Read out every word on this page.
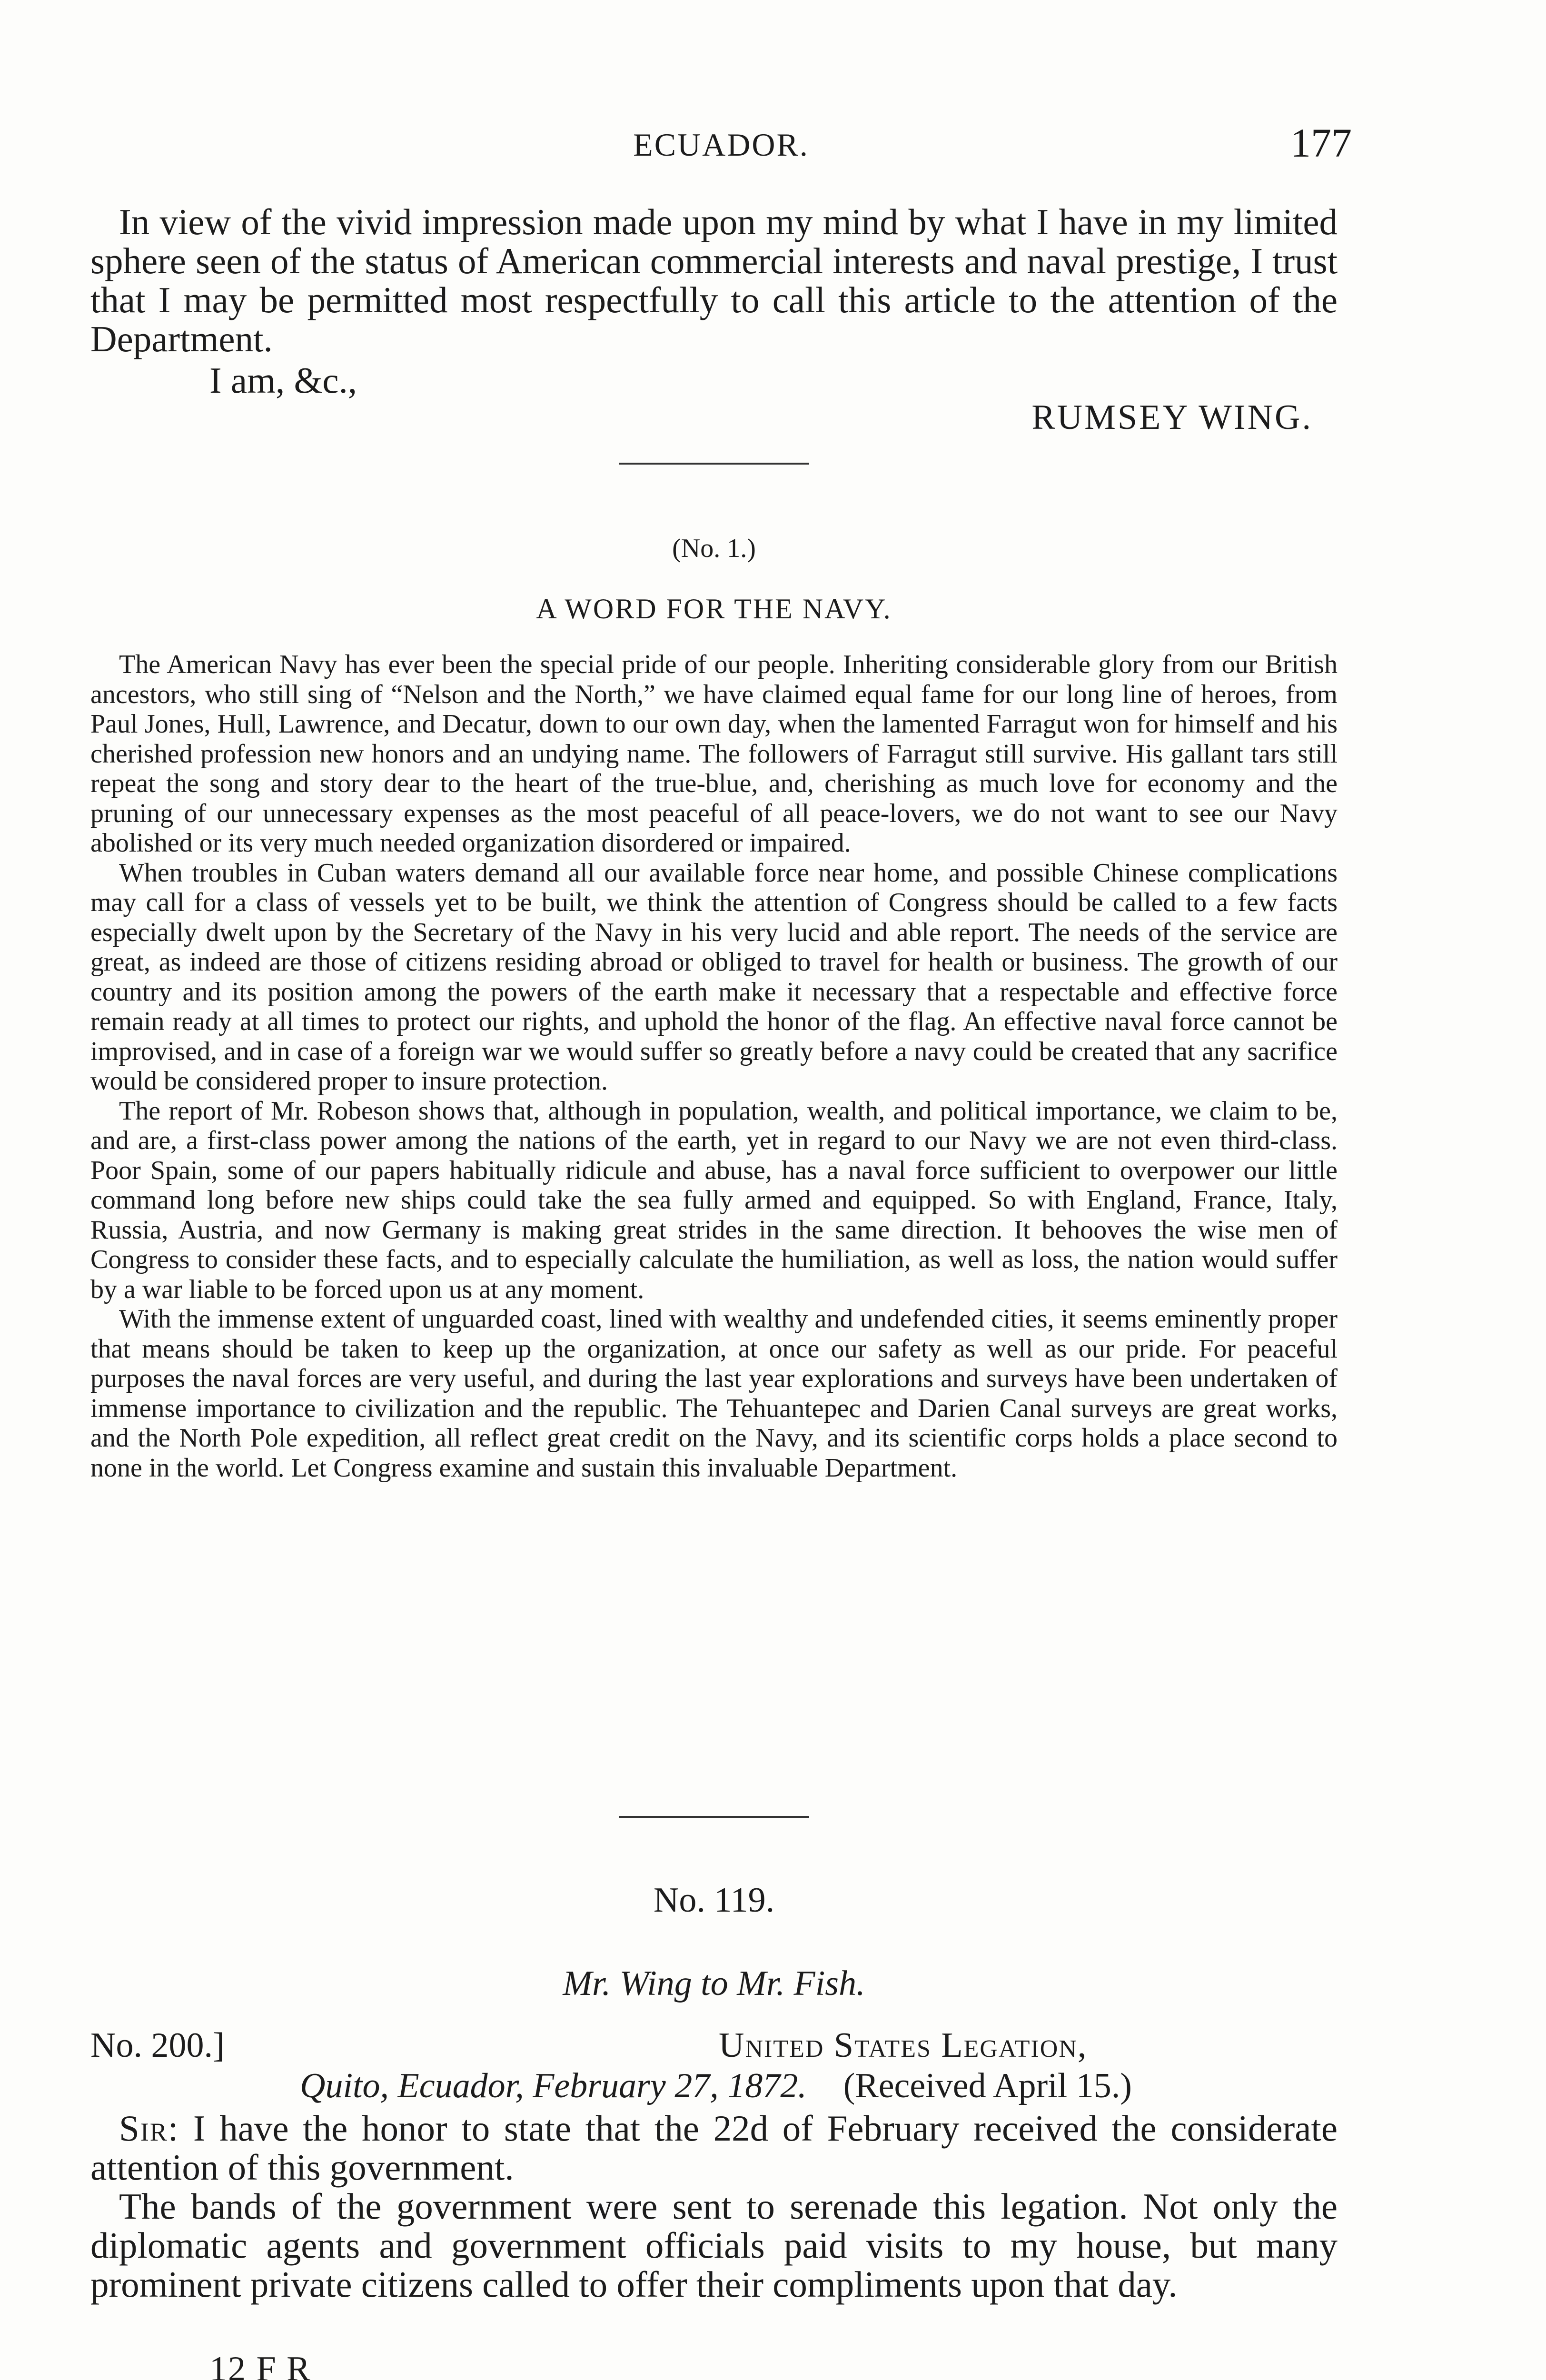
ECUADOR.	177

In view of the vivid impression made upon my mind by what I have in my limited sphere seen of the status of American commercial interests and naval prestige, I trust that I may be permitted most respectfully to call this article to the attention of the Department.

I am, &c.,
RUMSEY WING.
(No. 1.)
A WORD FOR THE NAVY.

The American Navy has ever been the special pride of our people. Inheriting considerable glory from our British ancestors, who still sing of “Nelson and the North,” we have claimed equal fame for our long line of heroes, from Paul Jones, Hull, Lawrence, and Decatur, down to our own day, when the lamented Farragut won for himself and his cherished profession new honors and an undying name. The followers of Farragut still survive. His gallant tars still repeat the song and story dear to the heart of the true-blue, and, cherishing as much love for economy and the pruning of our unnecessary expenses as the most peaceful of all peace-lovers, we do not want to see our Navy abolished or its very much needed organization disordered or impaired.

When troubles in Cuban waters demand all our available force near home, and possible Chinese complications may call for a class of vessels yet to be built, we think the attention of Congress should be called to a few facts especially dwelt upon by the Secretary of the Navy in his very lucid and able report. The needs of the service are great, as indeed are those of citizens residing abroad or obliged to travel for health or business. The growth of our country and its position among the powers of the earth make it necessary that a respectable and effective force remain ready at all times to protect our rights, and uphold the honor of the flag. An effective naval force cannot be improvised, and in case of a foreign war we would suffer so greatly before a navy could be created that any sacrifice would be considered proper to insure protection.

The report of Mr. Robeson shows that, although in population, wealth, and political importance, we claim to be, and are, a first-class power among the nations of the earth, yet in regard to our Navy we are not even third-class. Poor Spain, some of our papers habitually ridicule and abuse, has a naval force sufficient to overpower our little command long before new ships could take the sea fully armed and equipped. So with England, France, Italy, Russia, Austria, and now Germany is making great strides in the same direction. It behooves the wise men of Congress to consider these facts, and to especially calculate the humiliation, as well as loss, the nation would suffer by a war liable to be forced upon us at any moment.

With the immense extent of unguarded coast, lined with wealthy and undefended cities, it seems eminently proper that means should be taken to keep up the organization, at once our safety as well as our pride. For peaceful purposes the naval forces are very useful, and during the last year explorations and surveys have been undertaken of immense importance to civilization and the republic. The Tehuantepec and Darien Canal surveys are great works, and the North Pole expedition, all reflect great credit on the Navy, and its scientific corps holds a place second to none in the world. Let Congress examine and sustain this invaluable Department.

No. 119.
Mr. Wing to Mr. Fish.
No. 200.]	United States Legation,
Quito, Ecuador, February 27, 1872. (Received April 15.)

Sir: I have the honor to state that the 22d of February received the considerate attention of this government.

The bands of the government were sent to serenade this legation. Not only the diplomatic agents and government officials paid visits to my house, but many prominent private citizens called to offer their compliments upon that day.

12 F R
